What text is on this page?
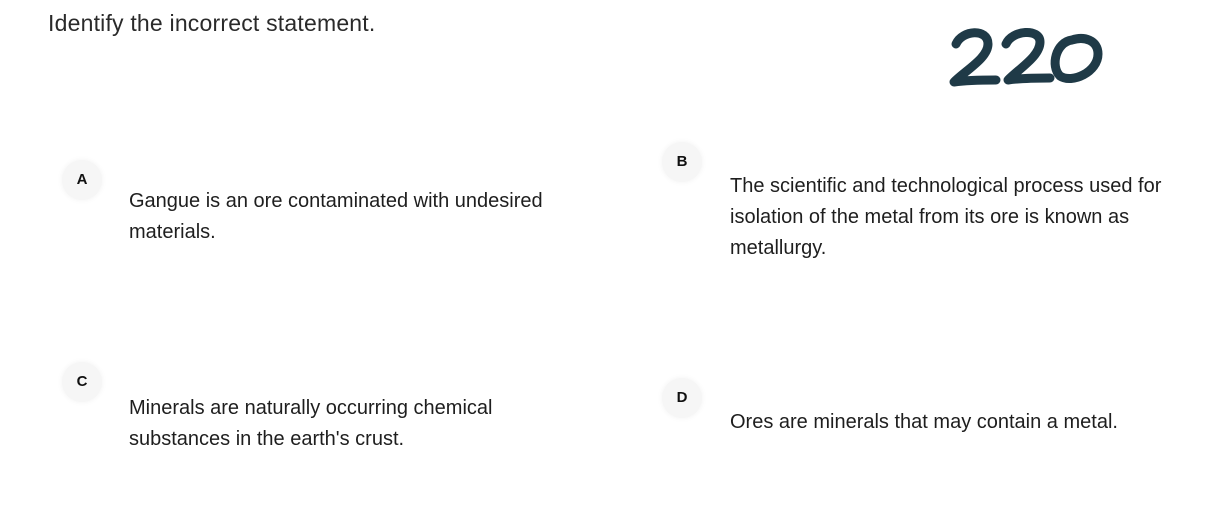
Identify the incorrect statement.
A
Gangue is an ore contaminated with undesired materials.
B
The scientific and technological process used for isolation of the metal from its ore is known as metallurgy.
C
Minerals are naturally occurring chemical substances in the earth's crust.
D
Ores are minerals that may contain a metal.
